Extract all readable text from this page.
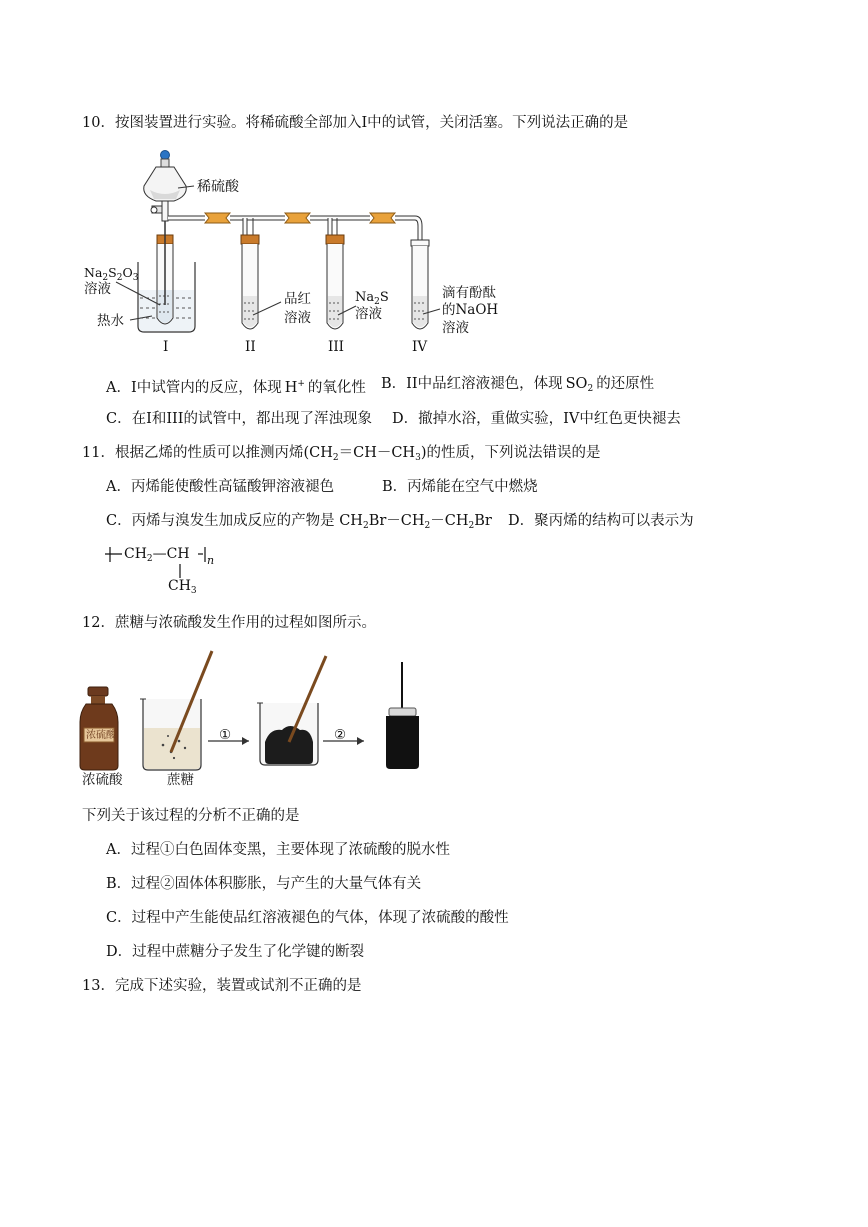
10．按图装置进行实验。将稀硫酸全部加入I中的试管，关闭活塞。下列说法正确的是
稀硫酸
$Na_2S_2O_3$
溶液
热水
品红
溶液
$Na_2S$
溶液
滴有酚酞
的NaOH
溶液
I	II	III	IV
A．I中试管内的反应，体现 H+ 的氧化性 B．II中品红溶液褪色，体现 $SO_2$ 的还原性
C．在I和III的试管中，都出现了浑浊现象 D．撤掉水浴，重做实验，IV中红色更快褪去
11．根据乙烯的性质可以推测丙烯$(CH_2=CH-CH_3)$的性质，下列说法错误的是
A．丙烯能使酸性高锰酸钾溶液褪色	B．丙烯能在空气中燃烧
C．丙烯与溴发生加成反应的产物是 $CH_2Br-CH_2-CH_2Br$ D．聚丙烯的结构可以表示为
$CH_2—CH$ n
$CH_3$
12．蔗糖与浓硫酸发生作用的过程如图所示。
浓硫酸	①	②
浓硫酸	蔗糖
下列关于该过程的分析不正确的是
A．过程①白色固体变黑，主要体现了浓硫酸的脱水性
B．过程②固体体积膨胀，与产生的大量气体有关
C．过程中产生能使品红溶液褪色的气体，体现了浓硫酸的酸性
D．过程中蔗糖分子发生了化学键的断裂
13．完成下述实验，装置或试剂不正确的是
